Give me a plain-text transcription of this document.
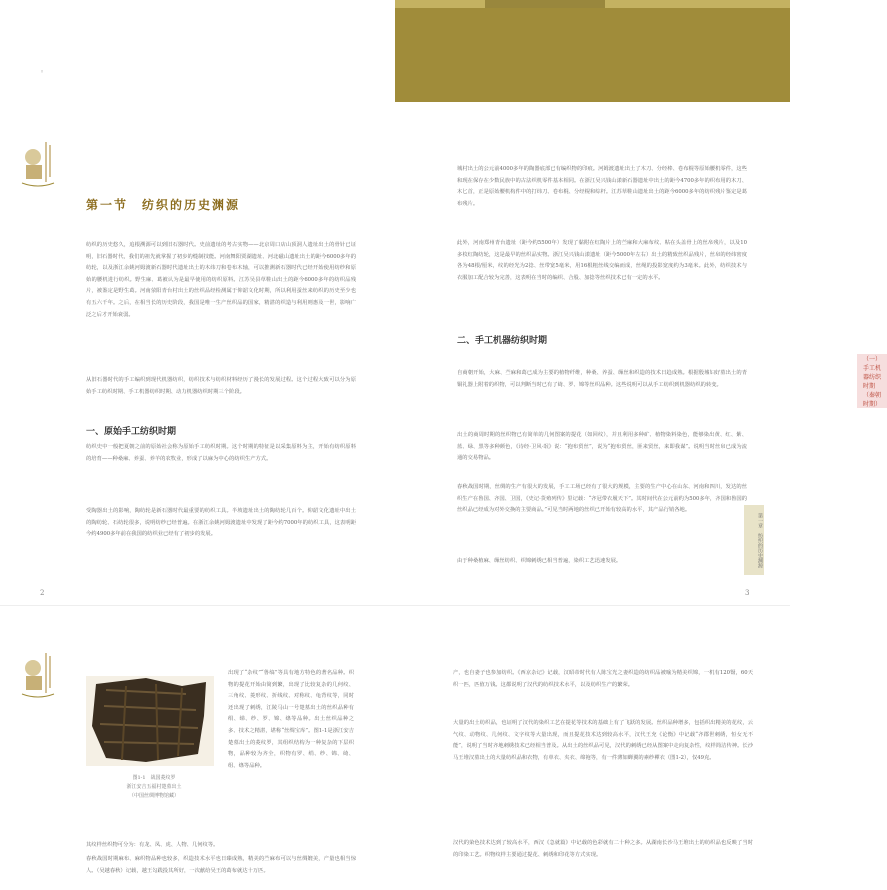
◦
第一节　纺织的历史渊源
纺织的历史悠久，追根溯源可以到旧石器时代。史前遗址的考古实物——北京周口店山顶洞人遗址出土的骨针已证明，旧石器时代，我们的祖先就掌握了初步的缝制技能。河南舞阳贾湖遗址、河北磁山遗址出土的距今6000多年的纺轮，以及浙江余姚河姆渡新石器时代遗址出土的木纬刀和卷布木轴，可以推测新石器时代已经开始使用纺纱和原始的腰机进行纺织。野生麻、葛被认为是最早使用的纺织原料。江苏吴县草鞋山出土的距今6000多年的纺织品残片，被鉴定是野生葛。河南荥阳青台村出土的丝织品经检测属于仰韶文化时期，所以利用蚕丝来纺织的历史至少也有五六千年。之后，在相当长的历史阶段，我国是唯一生产丝织品的国家，精湛的织造与利用则惠及一世，影响广泛之后才开始衰弱。
从旧石器时代的手工编织到现代机器纺织，纺织技术与纺织材料经历了漫长的发展过程。这个过程大致可以分为原始手工纺织时期、手工机器纺织时期、动力机器纺织时期三个阶段。
一、原始手工纺织时期
纺织史中一般把夏朝之前的原始社会称为原始手工纺织时期。这个时期的特征是以采集原料为主，开始有纺织原料的培育——种桑麻、养蚕、养羊的农牧业，形成了以麻为中心的纺织生产方式。
受陶器出土的影响，陶纺轮是新石器时代最重要的纺织工具。半坡遗址出土的陶纺轮几百个。仰韶文化遗址中出土的陶纺轮、石纺轮很多，说明纺纱已经普遍。在浙江余姚河姆渡遗址中发现了距今约7000年的纺织工具，这表明距今约4900多年前在我国的纺织业已经有了初步的发展。
2
城村出土的公元前4000多年的陶器底部已有编织物的印痕。河姆渡遗址出土了木刀、分经棒、卷布棍等原始腰机零件，这些和现在保存在少数民族中的古法织机零件基本相同。在浙江吴兴钱山漾新石器遗址中出土的距今4700多年的织布用的木刀、木匕首，正是原始腰机构件中的打纬刀、卷布棍、分经棍和综杆。江苏草鞋山遗址出土的距今6000多年的纺织残片鉴定是葛布残片。
此外，河南郑州青台遗址（距今约5500年）发现了黏附在红陶片上的苎麻和大麻布纹、粘在头盖骨上的丝帛残片，以及10多枚红陶纺轮，这是最早的丝织品实物。浙江吴兴钱山漾遗址（距今5000年左右）出土的精致丝织品残片，丝帛的经纬密度各为48根/厘米，纹的经光为2捻、丝带宽5毫米，用16根粗丝线交编而成，丝绳的投影宽度约为3毫米。此外，纺织技术与衣服加工配合较为完善，这表明在当时的编织、合股、加捻等丝织技术已有一定的水平。
二、手工机器纺织时期
（一）手工机器纺织时期（秦朝时期）
自商朝开始，大麻、苎麻和葛已成为主要的植物纤维，种桑、养蚕、缫丝和织造的技术日趋成熟。根据殷墟妇好墓出土的青铜礼器上附着的织物，可以判断当时已有了绮、罗、锦等丝织品种。这些说明可以从手工纺织到机器纺织的转变。
出土的商周时期的丝织物已有简单的几何图案的提花（如回纹），并且利用多种矿、植物染料染色，能够染出黄、红、紫、蓝、绿、黑等多种颜色，《诗经·卫风·氓》说：“抱布贸丝”，说为“抱布贸丝，匪来贸丝，来即我谋”。说明当时丝帛已成为流通的交易物品。
春秋战国时期，丝绸的生产有很大的发展，手工工场已经有了很大的规模，主要的生产中心在山东、河南和四川，发达的丝织生产在鲁国、齐国、卫国，《史记·货殖列传》里记载：“齐冠带衣履天下”。其时间代在公元前约为500多年，齐国和鲁国的丝织品已经成为对外交换的主要商品。”可见当时两地的丝织已开始有较高的水平，其产品行销各地。
由于种桑植麻、缫丝纺织、织锦刺绣已相当普遍，染织工艺迅速发展。
3
第一章　纺织的历史渊源
出现了“杂纹”“鲁缟”等具有地方特色的著名品种。织物的提花开始由简到繁，出现了比较复杂的几何纹、三角纹、菱形纹、折线纹、对称纹、龟背纹等，同时还出现了刺绣，江陵马山一号楚墓出土的丝织品种有绢、绨、纱、罗、锦、绦等品种。出土丝织品种之多、技术之精湛，堪称“丝绸宝库”。图1-1是浙江安吉楚墓出土的菱纹罗，其组织结构为一种复杂的下层织物，品种较为齐全，织物有罗、绢、纱、锦、绮、组、绦等品种。
其纹样丝织物可分为：有龙、凤、虎、人物、几何纹等。
春秋战国时期麻布、麻织物品种也较多，织造技术水平也日臻成熟，精美的苎麻布可以与丝绸媲美，产量也相当惊人。（吴越春秋）记载，越王勾践投其所好，一次献给吴王的葛布就达十万匹。
图1-1　战国菱纹罗
浙江安吉五福村楚墓出土
（中国丝绸博物馆藏）
产，也自妻子也参加纺织。《西京杂记》记载，汉昭帝时代有人陈宝光之妻织造的纺织品被喻为精美织锦，一机有120镊，60天织一匹，匹值万钱。这都说明了汉代的纺织技术水平，以及纺织生产的繁荣。
大量的出土纺织品，也证明了汉代的染织工艺在提花等技术的基础上有了飞跃的发展。丝织品种增多，包括织出精美的花纹，云气纹、动物纹、几何纹、文字纹等大量出现，而且提花技术达到较高水平，汉代王充《论衡》中记载“齐郡世刺绣，恒女无不能”，说明了当时齐地刺绣技术已经相当普及。从出土的丝织品可见，汉代的刺绣已经从图案中走向复杂性，纹样简洁传神。长沙马王堆汉墓出土的大量纺织品和衣物，有单衣、夹衣、绵袍等，有一件薄如蝉翼的素纱襌衣（图1-2），仅49克。
汉代的染色技术达到了较高水平，西汉《急就篇》中记载的色彩就有二十种之多。从湖南长沙马王堆出土的纺织品也反映了当时的印染工艺。织物纹样主要通过提花、刺绣和印花等方式实现。
